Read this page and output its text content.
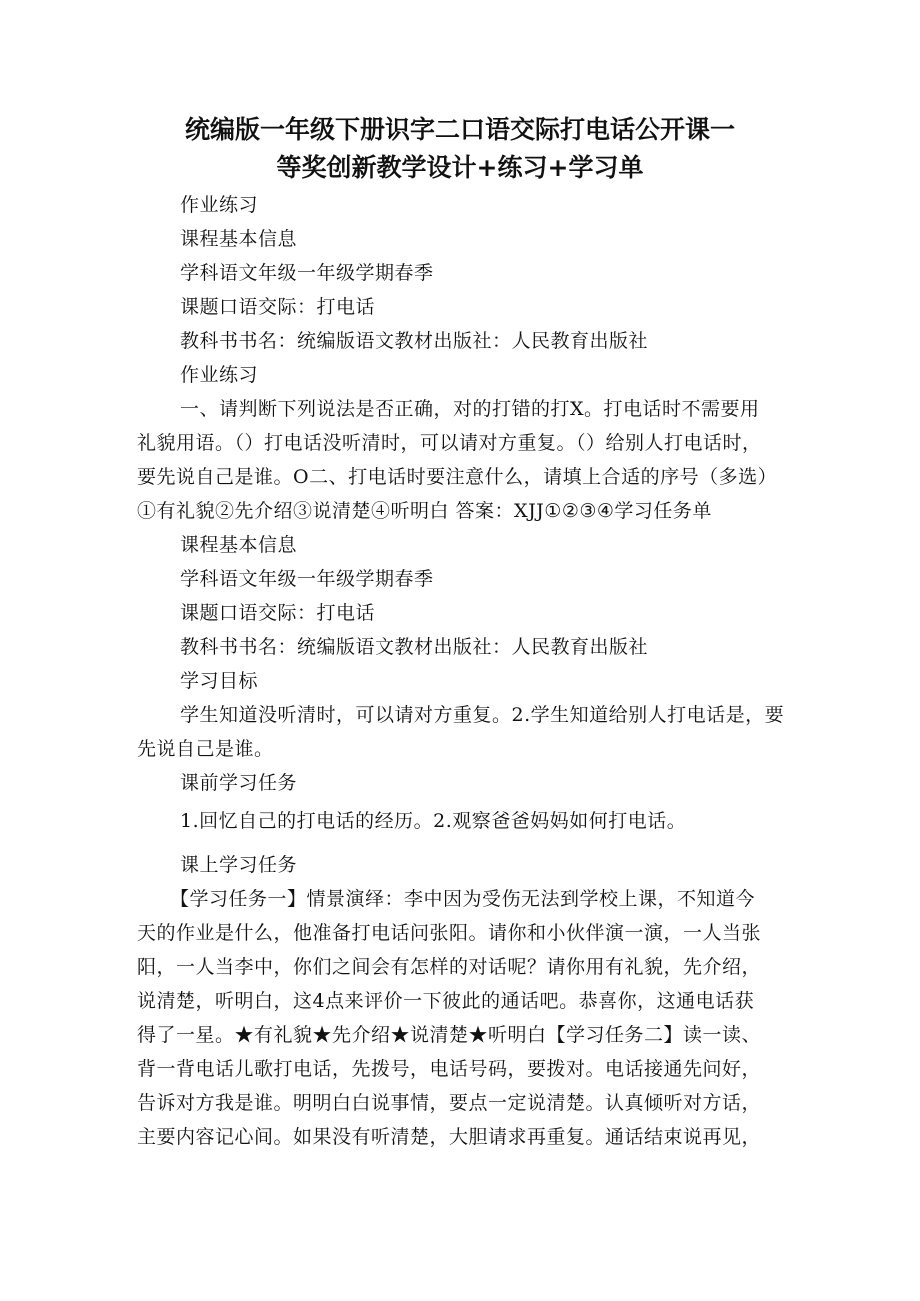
统编版一年级下册识字二口语交际打电话公开课一
等奖创新教学设计+练习+学习单
作业练习
课程基本信息
学科语文年级一年级学期春季
课题口语交际：打电话
教科书书名：统编版语文教材出版社：人民教育出版社
作业练习
一、请判断下列说法是否正确，对的打错的打X。打电话时不需要用
礼貌用语。（）打电话没听清时，可以请对方重复。（）给别人打电话时，
要先说自己是谁。O二、打电话时要注意什么，请填上合适的序号（多选）
①有礼貌②先介绍③说清楚④听明白 答案：XJJ①②③④学习任务单
课程基本信息
学科语文年级一年级学期春季
课题口语交际：打电话
教科书书名：统编版语文教材出版社：人民教育出版社
学习目标
学生知道没听清时，可以请对方重复。2.学生知道给别人打电话是，要
先说自己是谁。
课前学习任务
1.回忆自己的打电话的经历。2.观察爸爸妈妈如何打电话。
课上学习任务
【学习任务一】情景演绎：李中因为受伤无法到学校上课，不知道今
天的作业是什么，他准备打电话问张阳。请你和小伙伴演一演，一人当张
阳，一人当李中，你们之间会有怎样的对话呢？请你用有礼貌，先介绍，
说清楚，听明白，这4点来评价一下彼此的通话吧。恭喜你，这通电话获
得了一星。★有礼貌★先介绍★说清楚★听明白【学习任务二】读一读、
背一背电话儿歌打电话，先拨号，电话号码，要拨对。电话接通先问好，
告诉对方我是谁。明明白白说事情，要点一定说清楚。认真倾听对方话，
主要内容记心间。如果没有听清楚，大胆请求再重复。通话结束说再见，
